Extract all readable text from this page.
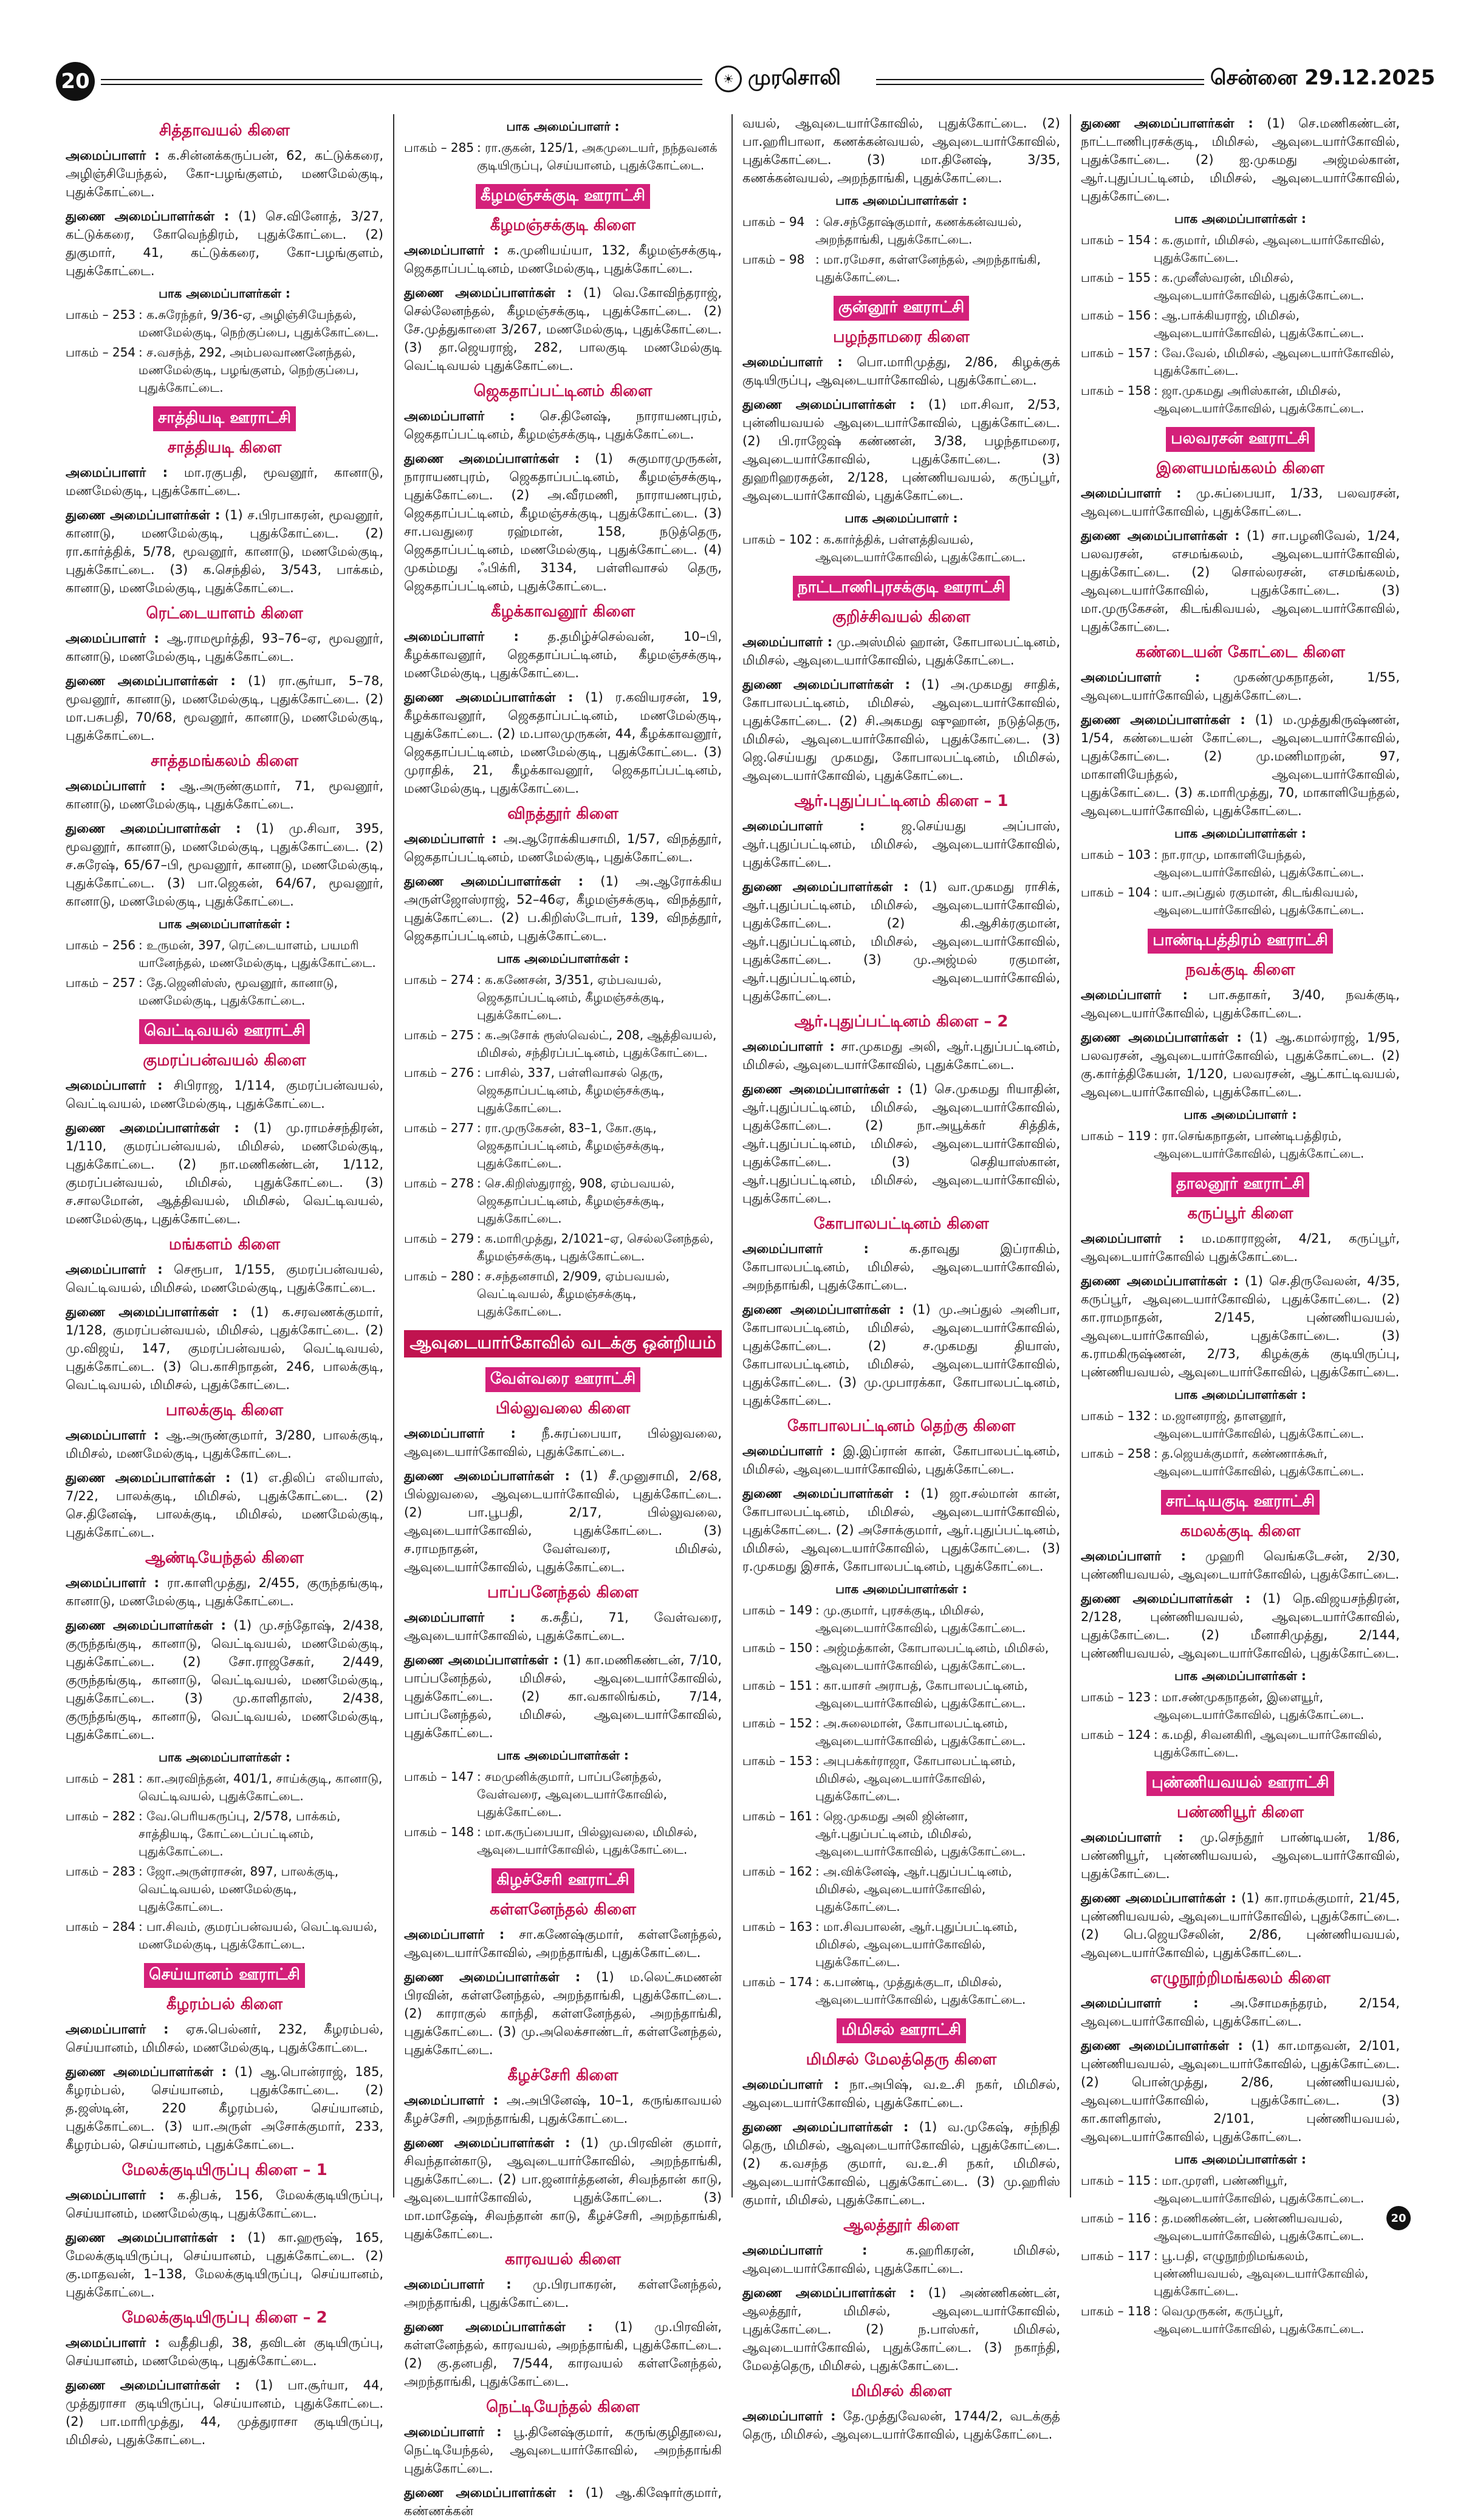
20	☀ முரசொலி	சென்னை 29.12.2025
சித்தாவயல் கிளை

அமைப்பாளர் : க.சின்னக்கருப்பன், 62, கட்டுக்கரை, அழிஞ்சியேந்தல், கோ-பழங்குளம், மணமேல்குடி, புதுக்கோட்டை.

துணை அமைப்பாளர்கள் : (1) செ.வினோத், 3/27, கட்டுக்கரை, கோவெந்திரம், புதுக்கோட்டை. (2) துகுமார், 41, கட்டுக்கரை, கோ-பழங்குளம், புதுக்கோட்டை.

பாக அமைப்பாளர்கள் :
பாகம் – 253 : க.சுரேந்தர், 9/36-ஏ, அழிஞ்சியேந்தல், மணமேல்குடி, நெற்குப்பை, புதுக்கோட்டை.
பாகம் – 254 : ச.வசந்த், 292, அம்பலவாணனேந்தல், மணமேல்குடி, பழங்குளம், நெற்குப்பை, புதுக்கோட்டை.
சாத்தியடி ஊராட்சி
சாத்தியடி கிளை

அமைப்பாளர் : மா.ரகுபதி, மூவனூர், கானாடு, மணமேல்குடி, புதுக்கோட்டை.

துணை அமைப்பாளர்கள் : (1) ச.பிரபாகரன், மூவனூர், கானாடு, மணமேல்குடி, புதுக்கோட்டை. (2) ரா.கார்த்திக், 5/78, மூவனூர், கானாடு, மணமேல்குடி, புதுக்கோட்டை. (3) க.செந்தில், 3/543, பாக்கம், கானாடு, மணமேல்குடி, புதுக்கோட்டை.

ரெட்டையாளம் கிளை

அமைப்பாளர் : ஆ.ராமமூர்த்தி, 93–76–ஏ, மூவனூர், கானாடு, மணமேல்குடி, புதுக்கோட்டை.

துணை அமைப்பாளர்கள் : (1) ரா.சூர்யா, 5–78, மூவனூர், கானாடு, மணமேல்குடி, புதுக்கோட்டை. (2) மா.பசுபதி, 70/68, மூவனூர், கானாடு, மணமேல்குடி, புதுக்கோட்டை.

சாத்தமங்கலம் கிளை

அமைப்பாளர் : ஆ.அருண்குமார், 71, மூவனூர், கானாடு, மணமேல்குடி, புதுக்கோட்டை.

துணை அமைப்பாளர்கள் : (1) மு.சிவா, 395, மூவனூர், கானாடு, மணமேல்குடி, புதுக்கோட்டை. (2) ச.சுரேஷ், 65/67–பி, மூவனூர், கானாடு, மணமேல்குடி, புதுக்கோட்டை. (3) பா.ஜெகன், 64/67, மூவனூர், கானாடு, மணமேல்குடி, புதுக்கோட்டை.

பாக அமைப்பாளர்கள் :
பாகம் – 256 : உருமன், 397, ரெட்டையாளம், பயமரி யானேந்தல், மணமேல்குடி, புதுக்கோட்டை.
பாகம் – 257 : தே.ஜெனிஸ்ஸ், மூவனூர், கானாடு, மணமேல்குடி, புதுக்கோட்டை.
வெட்டிவயல் ஊராட்சி
குமரப்பன்வயல் கிளை

அமைப்பாளர் : சிபிராஜ, 1/114, குமரப்பன்வயல், வெட்டிவயல், மணமேல்குடி, புதுக்கோட்டை.

துணை அமைப்பாளர்கள் : (1) மு.ராமச்சந்திரன், 1/110, குமரப்பன்வயல், மிமிசல், மணமேல்குடி, புதுக்கோட்டை. (2) நா.மணிகண்டன், 1/112, குமரப்பன்வயல், மிமிசல், புதுக்கோட்டை. (3) ச.சாலமோன், ஆத்திவயல், மிமிசல், வெட்டிவயல், மணமேல்குடி, புதுக்கோட்டை.

மங்களம் கிளை

அமைப்பாளர் : செரூபா, 1/155, குமரப்பன்வயல், வெட்டிவயல், மிமிசல், மணமேல்குடி, புதுக்கோட்டை.

துணை அமைப்பாளர்கள் : (1) க.சரவணக்குமார், 1/128, குமரப்பன்வயல், மிமிசல், புதுக்கோட்டை. (2) மு.விஜய், 147, குமரப்பன்வயல், வெட்டிவயல், புதுக்கோட்டை. (3) பெ.காசிநாதன், 246, பாலக்குடி, வெட்டிவயல், மிமிசல், புதுக்கோட்டை.

பாலக்குடி கிளை

அமைப்பாளர் : ஆ.அருண்குமார், 3/280, பாலக்குடி, மிமிசல், மணமேல்குடி, புதுக்கோட்டை.

துணை அமைப்பாளர்கள் : (1) எ.திலிப் எலியாஸ், 7/22, பாலக்குடி, மிமிசல், புதுக்கோட்டை. (2) செ.தினேஷ், பாலக்குடி, மிமிசல், மணமேல்குடி, புதுக்கோட்டை.

ஆண்டியேந்தல் கிளை

அமைப்பாளர் : ரா.காளிமுத்து, 2/455, குருந்தங்குடி, கானாடு, மணமேல்குடி, புதுக்கோட்டை.

துணை அமைப்பாளர்கள் : (1) மு.சந்தோஷ், 2/438, குருந்தங்குடி, கானாடு, வெட்டிவயல், மணமேல்குடி, புதுக்கோட்டை. (2) சோ.ராஜசேகர், 2/449, குருந்தங்குடி, கானாடு, வெட்டிவயல், மணமேல்குடி, புதுக்கோட்டை. (3) மு.காளிதாஸ், 2/438, குருந்தங்குடி, கானாடு, வெட்டிவயல், மணமேல்குடி, புதுக்கோட்டை.

பாக அமைப்பாளர்கள் :
பாகம் – 281 : கா.அரவிந்தன், 401/1, சாய்க்குடி, கானாடு, வெட்டிவயல், புதுக்கோட்டை.
பாகம் – 282 : வே.பெரியகருப்பு, 2/578, பாக்கம், சாத்தியடி, கோட்டைப்பட்டினம், புதுக்கோட்டை.
பாகம் – 283 : ஜோ.அருள்ராசன், 897, பாலக்குடி, வெட்டிவயல், மணமேல்குடி, புதுக்கோட்டை.
பாகம் – 284 : பா.சிவம், குமரப்பன்வயல், வெட்டிவயல், மணமேல்குடி, புதுக்கோட்டை.
செய்யானம் ஊராட்சி
கீழரம்பல் கிளை

அமைப்பாளர் : ஏசு.பெல்னர், 232, கீழரம்பல், செய்யானம், மிமிசல், மணமேல்குடி, புதுக்கோட்டை.

துணை அமைப்பாளர்கள் : (1) ஆ.பொன்ராஜ், 185, கீழரம்பல், செய்யானம், புதுக்கோட்டை. (2) த.ஜஸ்டின், 220 கீழரம்பல், செய்யானம், புதுக்கோட்டை. (3) யா.அருள் அசோக்குமார், 233, கீழரம்பல், செய்யானம், புதுக்கோட்டை.

மேலக்குடியிருப்பு கிளை – 1

அமைப்பாளர் : க.திபக், 156, மேலக்குடியிருப்பு, செய்யானம், மணமேல்குடி, புதுக்கோட்டை.

துணை அமைப்பாளர்கள் : (1) கா.ஹரூஷ், 165, மேலக்குடியிருப்பு, செய்யானம், புதுக்கோட்டை. (2) கு.மாதவன், 1–138, மேலக்குடியிருப்பு, செய்யானம், புதுக்கோட்டை.

மேலக்குடியிருப்பு கிளை – 2

அமைப்பாளர் : வதீதிபதி, 38, தவிடன் குடியிருப்பு, செய்யானம், மணமேல்குடி, புதுக்கோட்டை.

துணை அமைப்பாளர்கள் : (1) பா.சூர்யா, 44, முத்துராசா குடியிருப்பு, செய்யானம், புதுக்கோட்டை. (2) பா.மாரிமுத்து, 44, முத்துராசா குடியிருப்பு, மிமிசல், புதுக்கோட்டை.

பாக அமைப்பாளர் :
பாகம் – 285 : ரா.குகன், 125/1, அகமுடையர், நந்தவனக் குடியிருப்பு, செய்யானம், புதுக்கோட்டை.
கீழமஞ்சக்குடி ஊராட்சி
கீழமஞ்சக்குடி கிளை

அமைப்பாளர் : க.முனியய்யா, 132, கீழமஞ்சக்குடி, ஜெகதாப்பட்டினம், மணமேல்குடி, புதுக்கோட்டை.

துணை அமைப்பாளர்கள் : (1) வெ.கோவிந்தராஜ், செல்லேனந்தல், கீழமஞ்சக்குடி, புதுக்கோட்டை. (2) சே.முத்துகாளை 3/267, மணமேல்குடி, புதுக்கோட்டை. (3) தா.ஜெயராஜ், 282, பாலகுடி மணமேல்குடி வெட்டிவயல் புதுக்கோட்டை.

ஜெகதாப்பட்டினம் கிளை

அமைப்பாளர் : செ.தினேஷ், நாராயணபுரம், ஜெகதாப்பட்டினம், கீழமஞ்சக்குடி, புதுக்கோட்டை.

துணை அமைப்பாளர்கள் : (1) சுகுமாரமுருகன், நாராயணபுரம், ஜெகதாப்பட்டினம், கீழமஞ்சக்குடி, புதுக்கோட்டை. (2) அ.வீரமணி, நாராயணபுரம், ஜெகதாப்பட்டினம், கீழமஞ்சக்குடி, புதுக்கோட்டை. (3) சா.பவதுரை ரஹ்மான், 158, நடுத்தெரு, ஜெகதாப்பட்டினம், மணமேல்குடி, புதுக்கோட்டை. (4) முகம்மது ஃபிக்ரி, 3134, பள்ளிவாசல் தெரு, ஜெகதாப்பட்டினம், புதுக்கோட்டை.

கீழக்காவனூர் கிளை

அமைப்பாளர் : த.தமிழ்ச்செல்வன், 10–பி, கீழக்காவனூர், ஜெகதாப்பட்டினம், கீழமஞ்சக்குடி, மணமேல்குடி, புதுக்கோட்டை.

துணை அமைப்பாளர்கள் : (1) ர.கவியரசன், 19, கீழக்காவனூர், ஜெகதாப்பட்டினம், மணமேல்குடி, புதுக்கோட்டை. (2) ம.பாலமுருகன், 44, கீழக்காவனூர், ஜெகதாப்பட்டினம், மணமேல்குடி, புதுக்கோட்டை. (3) முராதிக், 21, கீழக்காவனூர், ஜெகதாப்பட்டினம், மணமேல்குடி, புதுக்கோட்டை.

விநத்தூர் கிளை

அமைப்பாளர் : அ.ஆரோக்கியசாமி, 1/57, விநத்தூர், ஜெகதாப்பட்டினம், மணமேல்குடி, புதுக்கோட்டை.

துணை அமைப்பாளர்கள் : (1) அ.ஆரோக்கிய அருள்ஜோஸ்ராஜ், 52–46ஏ, கீழமஞ்சக்குடி, விநத்தூர், புதுக்கோட்டை. (2) ப.கிறிஸ்டோபர், 139, விநத்தூர், ஜெகதாப்பட்டினம், புதுக்கோட்டை.

பாக அமைப்பாளர்கள் :
பாகம் – 274 : க.கணேசன், 3/351, ஏம்பவயல், ஜெகதாப்பட்டினம், கீழமஞ்சக்குடி, புதுக்கோட்டை.
பாகம் – 275 : க.அசோக் ரூஸ்வெல்ட், 208, ஆத்திவயல், மிமிசல், சந்திரப்பட்டினம், புதுக்கோட்டை.
பாகம் – 276 : பாசில், 337, பள்ளிவாசல் தெரு, ஜெகதாப்பட்டினம், கீழமஞ்சக்குடி, புதுக்கோட்டை.
பாகம் – 277 : ரா.முருகேசன், 83–1, கோ.குடி, ஜெகதாப்பட்டினம், கீழமஞ்சக்குடி, புதுக்கோட்டை.
பாகம் – 278 : செ.கிறிஸ்துராஜ், 908, ஏம்பவயல், ஜெகதாப்பட்டினம், கீழமஞ்சக்குடி, புதுக்கோட்டை.
பாகம் – 279 : க.மாரிமுத்து, 2/1021–ஏ, செல்லனேந்தல், கீழமஞ்சக்குடி, புதுக்கோட்டை.
பாகம் – 280 : ச.சந்தனசாமி, 2/909, ஏம்பவயல், வெட்டிவயல், கீழமஞ்சக்குடி, புதுக்கோட்டை.
ஆவுடையார்கோவில் வடக்கு ஒன்றியம்
வேள்வரை ஊராட்சி
பில்லுவலை கிளை

அமைப்பாளர் : நீ.சுரப்பையா, பில்லுவலை, ஆவுடையார்கோவில், புதுக்கோட்டை.

துணை அமைப்பாளர்கள் : (1) சீ.முனுசாமி, 2/68, பில்லுவலை, ஆவுடையார்கோவில், புதுக்கோட்டை. (2) பா.பூபதி, 2/17, பில்லுவலை, ஆவுடையார்கோவில், புதுக்கோட்டை. (3) ச.ராமநாதன், வேள்வரை, மிமிசல், ஆவுடையார்கோவில், புதுக்கோட்டை.

பாப்பனேந்தல் கிளை

அமைப்பாளர் : க.சுதீப், 71, வேள்வரை, ஆவுடையார்கோவில், புதுக்கோட்டை.

துணை அமைப்பாளர்கள் : (1) கா.மணிகண்டன், 7/10, பாப்பனேந்தல், மிமிசல், ஆவுடையார்கோவில், புதுக்கோட்டை. (2) கா.வகாலிங்கம், 7/14, பாப்பனேந்தல், மிமிசல், ஆவுடையார்கோவில், புதுக்கோட்டை.

பாக அமைப்பாளர்கள் :
பாகம் – 147 : சமமுனிக்குமார், பாப்பனேந்தல், வேள்வரை, ஆவுடையார்கோவில், புதுக்கோட்டை.
பாகம் – 148 : மா.கருப்பையா, பில்லுவலை, மிமிசல், ஆவுடையார்கோவில், புதுக்கோட்டை.
கிழச்சேரி ஊராட்சி
கள்ளனேந்தல் கிளை

அமைப்பாளர் : சா.கணேஷ்குமார், கள்ளனேந்தல், ஆவுடையார்கோவில், அறந்தாங்கி, புதுக்கோட்டை.

துணை அமைப்பாளர்கள் : (1) ம.லெட்சுமணன் பிரவின், கள்ளனேந்தல், அறந்தாங்கி, புதுக்கோட்டை. (2) காராகுல் காந்தி, கள்ளனேந்தல், அறந்தாங்கி, புதுக்கோட்டை. (3) மு.அலெக்சாண்டர், கள்ளனேந்தல், புதுக்கோட்டை.

கீழச்சேரி கிளை

அமைப்பாளர் : அ.அபினேஷ், 10–1, கருங்காவயல் கீழச்சேரி, அறந்தாங்கி, புதுக்கோட்டை.

துணை அமைப்பாளர்கள் : (1) மு.பிரவின் குமார், சிவந்தான்காடு, ஆவுடையார்கோவில், அறந்தாங்கி, புதுக்கோட்டை. (2) பா.ஜனார்த்தனன், சிவந்தான் காடு, ஆவுடையார்கோவில், புதுக்கோட்டை. (3) மா.மாதேஷ், சிவந்தான் காடு, கீழச்சேரி, அறந்தாங்கி, புதுக்கோட்டை.

காரவயல் கிளை

அமைப்பாளர் : மு.பிரபாகரன், கள்ளனேந்தல், அறந்தாங்கி, புதுக்கோட்டை.

துணை அமைப்பாளர்கள் : (1) மு.பிரவின், கள்ளனேந்தல், காரவயல், அறந்தாங்கி, புதுக்கோட்டை. (2) கு.தனபதி, 7/544, காரவயல் கள்ளனேந்தல், அறந்தாங்கி, புதுக்கோட்டை.

நெட்டியேந்தல் கிளை

அமைப்பாளர் : பூ.தினேஷ்குமார், கருங்குழிதூவை, நெட்டியேந்தல், ஆவுடையார்கோவில், அறந்தாங்கி புதுக்கோட்டை.

துணை அமைப்பாளர்கள் : (1) ஆ.கிஷோர்குமார், கண்ணக்கன்

வயல், ஆவுடையார்கோவில், புதுக்கோட்டை. (2) பா.ஹரிபாலா, கணக்கன்வயல், ஆவுடையார்கோவில், புதுக்கோட்டை. (3) மா.தினேஷ், 3/35, கணக்கன்வயல், அறந்தாங்கி, புதுக்கோட்டை.

பாக அமைப்பாளர்கள் :
பாகம் – 94 : செ.சந்தோஷ்குமார், கணக்கன்வயல், அறந்தாங்கி, புதுக்கோட்டை.
பாகம் – 98 : மா.ரமேசா, கள்ளனேந்தல், அறந்தாங்கி, புதுக்கோட்டை.
குன்னூர் ஊராட்சி
பழந்தாமரை கிளை

அமைப்பாளர் : பொ.மாரிமுத்து, 2/86, கிழக்குக் குடியிருப்பு, ஆவுடையார்கோவில், புதுக்கோட்டை.

துணை அமைப்பாளர்கள் : (1) மா.சிவா, 2/53, புன்னியவயல் ஆவுடையார்கோவில், புதுக்கோட்டை. (2) பி.ராஜேஷ் கண்ணன், 3/38, பழந்தாமரை, ஆவுடையார்கோவில், புதுக்கோட்டை. (3) துஹரிஹரசுதன், 2/128, புண்ணியவயல், கருப்பூர், ஆவுடையார்கோவில், புதுக்கோட்டை.

பாக அமைப்பாளர் :
பாகம் – 102 : க.கார்த்திக், பள்ளத்திவயல், ஆவுடையார்கோவில், புதுக்கோட்டை.
நாட்டாணிபுரசக்குடி ஊராட்சி
குறிச்சிவயல் கிளை

அமைப்பாளர் : மு.அஸ்மில் ஹான், கோபாலபட்டினம், மிமிசல், ஆவுடையார்கோவில், புதுக்கோட்டை.

துணை அமைப்பாளர்கள் : (1) அ.முகமது சாதிக், கோபாலபட்டினம், மிமிசல், ஆவுடையார்கோவில், புதுக்கோட்டை. (2) சி.அகமது ஷுஹான், நடுத்தெரு, மிமிசல், ஆவுடையார்கோவில், புதுக்கோட்டை. (3) ஜெ.செய்யது முகமது, கோபாலபட்டினம், மிமிசல், ஆவுடையார்கோவில், புதுக்கோட்டை.

ஆர்.புதுப்பட்டினம் கிளை – 1

அமைப்பாளர் :	ஜ.செய்யது அப்பாஸ், ஆர்.புதுப்பட்டினம், மிமிசல், ஆவுடையார்கோவில், புதுக்கோட்டை.

துணை அமைப்பாளர்கள் : (1) வா.முகமது ராசிக், ஆர்.புதுப்பட்டினம், மிமிசல், ஆவுடையார்கோவில், புதுக்கோட்டை. (2) கி.ஆசிக்ரகுமான், ஆர்.புதுப்பட்டினம், மிமிசல், ஆவுடையார்கோவில், புதுக்கோட்டை. (3) மு.அஜ்மல் ரகுமான், ஆர்.புதுப்பட்டினம், ஆவுடையார்கோவில், புதுக்கோட்டை.

ஆர்.புதுப்பட்டினம் கிளை – 2

அமைப்பாளர் : சா.முகமது அலி, ஆர்.புதுப்பட்டினம், மிமிசல், ஆவுடையார்கோவில், புதுக்கோட்டை.

துணை அமைப்பாளர்கள் : (1) செ.முகமது ரியாதின், ஆர்.புதுப்பட்டினம், மிமிசல், ஆவுடையார்கோவில், புதுக்கோட்டை. (2) நா.அயூக்கர் சித்திக், ஆர்.புதுப்பட்டினம், மிமிசல், ஆவுடையார்கோவில், புதுக்கோட்டை. (3) செதியாஸ்கான், ஆர்.புதுப்பட்டினம், மிமிசல், ஆவுடையார்கோவில், புதுக்கோட்டை.

கோபாலபட்டினம் கிளை

அமைப்பாளர் :	க.தாவுது இப்ராகிம், கோபாலபட்டினம், மிமிசல், ஆவுடையார்கோவில், அறந்தாங்கி, புதுக்கோட்டை.

துணை அமைப்பாளர்கள் : (1) மு.அப்துல் அனிபா, கோபாலபட்டினம், மிமிசல், ஆவுடையார்கோவில், புதுக்கோட்டை. (2) ச.முகமது தியாஸ், கோபாலபட்டினம், மிமிசல், ஆவுடையார்கோவில், புதுக்கோட்டை. (3) மு.முபாரக்கா, கோபாலபட்டினம், புதுக்கோட்டை.

கோபாலபட்டினம் தெற்கு கிளை

அமைப்பாளர் : இ.இப்ரான் கான், கோபாலபட்டினம், மிமிசல், ஆவுடையார்கோவில், புதுக்கோட்டை.

துணை அமைப்பாளர்கள் : (1) ஜா.சல்மான் கான், கோபாலபட்டினம், மிமிசல், ஆவுடையார்கோவில், புதுக்கோட்டை. (2) அசோக்குமார், ஆர்.புதுப்பட்டினம், மிமிசல், ஆவுடையார்கோவில், புதுக்கோட்டை. (3) ர.முகமது இசாக், கோபாலபட்டினம், புதுக்கோட்டை.

பாக அமைப்பாளர்கள் :
பாகம் – 149 : மு.குமார், புரசக்குடி, மிமிசல், ஆவுடையார்கோவில், புதுக்கோட்டை.
பாகம் – 150 : அஜ்மத்கான், கோபாலபட்டினம், மிமிசல், ஆவுடையார்கோவில், புதுக்கோட்டை.
பாகம் – 151 : கா.யாசர் அராபத், கோபாலபட்டினம், ஆவுடையார்கோவில், புதுக்கோட்டை.
பாகம் – 152 : அ.சுலைமான், கோபாலபட்டினம், ஆவுடையார்கோவில், புதுக்கோட்டை.
பாகம் – 153 : அபுபக்கர்ராஜா, கோபாலபட்டினம், மிமிசல், ஆவுடையார்கோவில், புதுக்கோட்டை.
பாகம் – 161 : ஜெ.முகமது அலி ஜின்னா, ஆர்.புதுப்பட்டினம், மிமிசல், ஆவுடையார்கோவில், புதுக்கோட்டை.
பாகம் – 162 : அ.விக்னேஷ், ஆர்.புதுப்பட்டினம், மிமிசல், ஆவுடையார்கோவில், புதுக்கோட்டை.
பாகம் – 163 : மா.சிவபாலன், ஆர்.புதுப்பட்டினம், மிமிசல், ஆவுடையார்கோவில், புதுக்கோட்டை.
பாகம் – 174 : க.பாண்டி, முத்துக்குடா, மிமிசல், ஆவுடையார்கோவில், புதுக்கோட்டை.
மிமிசல் ஊராட்சி
மிமிசல் மேலத்தெரு கிளை

அமைப்பாளர் : நா.அபிஷ், வ.உ.சி நகர், மிமிசல், ஆவுடையார்கோவில், புதுக்கோட்டை.

துணை அமைப்பாளர்கள் : (1) வ.முகேஷ், சந்நிதி தெரு, மிமிசல், ஆவுடையார்கோவில், புதுக்கோட்டை. (2) க.வசந்த குமார், வ.உ.சி நகர், மிமிசல், ஆவுடையார்கோவில், புதுக்கோட்டை. (3) மு.ஹரிஸ் குமார், மிமிசல், புதுக்கோட்டை.

ஆலத்தூர் கிளை

அமைப்பாளர் :	க.ஹரிகரன், மிமிசல், ஆவுடையார்கோவில், புதுக்கோட்டை.

துணை அமைப்பாளர்கள் : (1) அண்ணிகண்டன், ஆலத்தூர், மிமிசல், ஆவுடையார்கோவில், புதுக்கோட்டை. (2) ந.பாஸ்கர், மிமிசல், ஆவுடையார்கோவில், புதுக்கோட்டை. (3) நகாந்தி, மேலத்தெரு, மிமிசல், புதுக்கோட்டை.

மிமிசல் கிளை

அமைப்பாளர் : தே.முத்துவேலன், 1744/2, வடக்குத் தெரு, மிமிசல், ஆவுடையார்கோவில், புதுக்கோட்டை.

துணை அமைப்பாளர்கள் : (1) செ.மணிகண்டன், நாட்டாணிபுரசக்குடி, மிமிசல், ஆவுடையார்கோவில், புதுக்கோட்டை. (2) ஐ.முகமது அஜ்மல்கான், ஆர்.புதுப்பட்டினம், மிமிசல், ஆவுடையார்கோவில், புதுக்கோட்டை.

பாக அமைப்பாளர்கள் :
பாகம் – 154 : க.குமார், மிமிசல், ஆவுடையார்கோவில், புதுக்கோட்டை.
பாகம் – 155 : க.முனீஸ்வரன், மிமிசல், ஆவுடையார்கோவில், புதுக்கோட்டை.
பாகம் – 156 : ஆ.பாக்கியராஜ், மிமிசல், ஆவுடையார்கோவில், புதுக்கோட்டை.
பாகம் – 157 : வே.வேல், மிமிசல், ஆவுடையார்கோவில், புதுக்கோட்டை.
பாகம் – 158 : ஜா.முகமது அரிஸ்கான், மிமிசல், ஆவுடையார்கோவில், புதுக்கோட்டை.
பலவரசன் ஊராட்சி
இளையமங்கலம் கிளை

அமைப்பாளர் : மு.சுப்பையா, 1/33, பலவரசன், ஆவுடையார்கோவில், புதுக்கோட்டை.

துணை அமைப்பாளர்கள் : (1) சா.பழனிவேல், 1/24, பலவரசன், எசமங்கலம், ஆவுடையார்கோவில், புதுக்கோட்டை. (2) சொல்லரசன், எசமங்கலம், ஆவுடையார்கோவில், புதுக்கோட்டை. (3) மா.முருகேசன், கிடங்கிவயல், ஆவுடையார்கோவில், புதுக்கோட்டை.

கண்டையன் கோட்டை கிளை

அமைப்பாளர் :	முகண்முகநாதன், 1/55, ஆவுடையார்கோவில், புதுக்கோட்டை.

துணை அமைப்பாளர்கள் : (1) ம.முத்துகிருஷ்ணன், 1/54, கண்டையன் கோட்டை, ஆவுடையார்கோவில், புதுக்கோட்டை. (2) மு.மணிமாறன், 97, மாகாளியேந்தல், ஆவுடையார்கோவில், புதுக்கோட்டை. (3) க.மாரிமுத்து, 70, மாகாளியேந்தல், ஆவுடையார்கோவில், புதுக்கோட்டை.

பாக அமைப்பாளர்கள் :
பாகம் – 103 : நா.ராமு, மாகாளியேந்தல், ஆவுடையார்கோவில், புதுக்கோட்டை.
பாகம் – 104 : யா.அப்துல் ரகுமான், கிடங்கிவயல், ஆவுடையார்கோவில், புதுக்கோட்டை.
பாண்டிபத்திரம் ஊராட்சி
நவக்குடி கிளை

அமைப்பாளர் : பா.சுதாகர், 3/40, நவக்குடி, ஆவுடையார்கோவில், புதுக்கோட்டை.

துணை அமைப்பாளர்கள் : (1) ஆ.கமால்ராஜ், 1/95, பலவரசன், ஆவுடையார்கோவில், புதுக்கோட்டை. (2) கு.கார்த்திகேயன், 1/120, பலவரசன், ஆட்காட்டிவயல், ஆவுடையார்கோவில், புதுக்கோட்டை.

பாக அமைப்பாளர் :
பாகம் – 119 : ரா.செங்கநாதன், பாண்டிபத்திரம், ஆவுடையார்கோவில், புதுக்கோட்டை.
தாலனூர் ஊராட்சி
கருப்பூர் கிளை

அமைப்பாளர் : ம.மகாராஜன், 4/21, கருப்பூர், ஆவுடையார்கோவில் புதுக்கோட்டை.

துணை அமைப்பாளர்கள் : (1) செ.திருவேலன், 4/35, கருப்பூர், ஆவுடையார்கோவில், புதுக்கோட்டை. (2) கா.ராமநாதன், 2/145, புண்ணியவயல், ஆவுடையார்கோவில், புதுக்கோட்டை. (3) க.ராமகிருஷ்ணன், 2/73, கிழக்குக் குடியிருப்பு, புண்ணியவயல், ஆவுடையார்கோவில், புதுக்கோட்டை.

பாக அமைப்பாளர்கள் :
பாகம் – 132 : ம.ஜானராஜ், தாளனூர், ஆவுடையார்கோவில், புதுக்கோட்டை.
பாகம் – 258 : த.ஜெயக்குமார், கண்ணாக்கூர், ஆவுடையார்கோவில், புதுக்கோட்டை.
சாட்டியகுடி ஊராட்சி
கமலக்குடி கிளை

அமைப்பாளர் : முஹரி வெங்கடேசன், 2/30, புண்ணியவயல், ஆவுடையார்கோவில், புதுக்கோட்டை.

துணை அமைப்பாளர்கள் : (1) நெ.விஜயசந்திரன், 2/128, புண்ணியவயல், ஆவுடையார்கோவில், புதுக்கோட்டை. (2) மீனாசிமுத்து, 2/144, புண்ணியவயல், ஆவுடையார்கோவில், புதுக்கோட்டை.

பாக அமைப்பாளர்கள் :
பாகம் – 123 : மா.சண்முகநாதன், இளையூர், ஆவுடையார்கோவில், புதுக்கோட்டை.
பாகம் – 124 : க.மதி, சிவனகிரி, ஆவுடையார்கோவில், புதுக்கோட்டை.
புண்ணியவயல் ஊராட்சி
பண்ணியூர் கிளை

அமைப்பாளர் : மு.செந்தூர் பாண்டியன், 1/86, பண்ணியூர், புண்ணியவயல், ஆவுடையார்கோவில், புதுக்கோட்டை.

துணை அமைப்பாளர்கள் : (1) கா.ராமக்குமார், 21/45, புண்ணியவயல், ஆவுடையார்கோவில், புதுக்கோட்டை. (2) பெ.ஜெயசேலின், 2/86, புண்ணியவயல், ஆவுடையார்கோவில், புதுக்கோட்டை.

எழுநூற்றிமங்கலம் கிளை

அமைப்பாளர் : அ.சோமசுந்தரம், 2/154, ஆவுடையார்கோவில், புதுக்கோட்டை.

துணை அமைப்பாளர்கள் : (1) கா.மாதவன், 2/101, புண்ணியவயல், ஆவுடையார்கோவில், புதுக்கோட்டை. (2) பொன்முத்து, 2/86, புண்ணியவயல், ஆவுடையார்கோவில், புதுக்கோட்டை. (3) கா.காளிதாஸ், 2/101, புண்ணியவயல், ஆவுடையார்கோவில், புதுக்கோட்டை.

பாக அமைப்பாளர்கள் :
பாகம் – 115 : மா.முரளி, பண்ணியூர், ஆவுடையார்கோவில், புதுக்கோட்டை.
பாகம் – 116 : த.மணிகண்டன், பண்ணியவயல், ஆவுடையார்கோவில், புதுக்கோட்டை.
பாகம் – 117 : பூ.பதி, எழுநூற்றிமங்கலம், புண்ணியவயல், ஆவுடையார்கோவில், புதுக்கோட்டை.
பாகம் – 118 : வெமுருகன், கருப்பூர், ஆவுடையார்கோவில், புதுக்கோட்டை.
20
